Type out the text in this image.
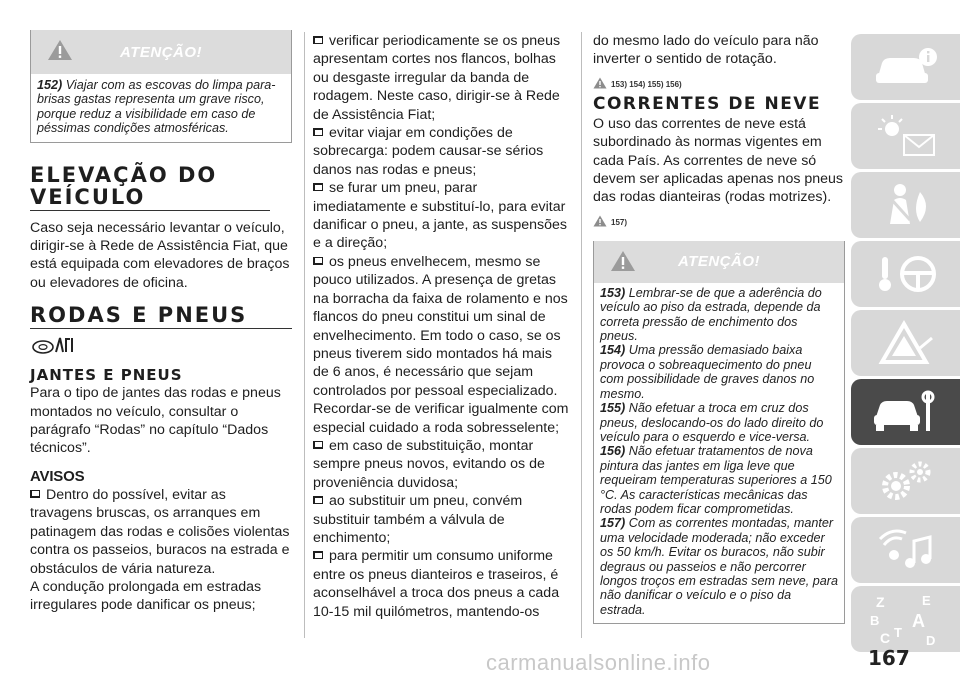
ATENÇÃO!
152) Viajar com as escovas do limpa para-brisas gastas representa um grave risco, porque reduz a visibilidade em caso de péssimas condições atmosféricas.
ELEVAÇÃO DO VEÍCULO

Caso seja necessário levantar o veículo, dirigir-se à Rede de Assistência Fiat, que está equipada com elevadores de braços ou elevadores de oficina.

RODAS E PNEUS
JANTES E PNEUS

Para o tipo de jantes das rodas e pneus montados no veículo, consultar o parágrafo “Rodas” no capítulo “Dados técnicos”.

AVISOS

Dentro do possível, evitar as travagens bruscas, os arranques em patinagem das rodas e colisões violentas contra os passeios, buracos na estrada e obstáculos de vária natureza.

A condução prolongada em estradas irregulares pode danificar os pneus;

verificar periodicamente se os pneus apresentam cortes nos flancos, bolhas ou desgaste irregular da banda de rodagem. Neste caso, dirigir-se à Rede de Assistência Fiat;

evitar viajar em condições de sobrecarga: podem causar-se sérios danos nas rodas e pneus;

se furar um pneu, parar imediatamente e substituí-lo, para evitar danificar o pneu, a jante, as suspensões e a direção;

os pneus envelhecem, mesmo se pouco utilizados. A presença de gretas na borracha da faixa de rolamento e nos flancos do pneu constitui um sinal de envelhecimento. Em todo o caso, se os pneus tiverem sido montados há mais de 6 anos, é necessário que sejam controlados por pessoal especializado.

Recordar-se de verificar igualmente com especial cuidado a roda sobresselente;

em caso de substituição, montar sempre pneus novos, evitando os de proveniência duvidosa;

ao substituir um pneu, convém substituir também a válvula de enchimento;

para permitir um consumo uniforme entre os pneus dianteiros e traseiros, é aconselhável a troca dos pneus a cada 10-15 mil quilómetros, mantendo-os

do mesmo lado do veículo para não inverter o sentido de rotação.

153) 154) 155) 156)
CORRENTES DE NEVE

O uso das correntes de neve está subordinado às normas vigentes em cada País. As correntes de neve só devem ser aplicadas apenas nos pneus das rodas dianteiras (rodas motrizes).

157)
ATENÇÃO!

153) Lembrar-se de que a aderência do veículo ao piso da estrada, depende da correta pressão de enchimento dos pneus.

154) Uma pressão demasiado baixa provoca o sobreaquecimento do pneu com possibilidade de graves danos no mesmo.

155) Não efetuar a troca em cruz dos pneus, deslocando-os do lado direito do veículo para o esquerdo e vice-versa.

156) Não efetuar tratamentos de nova pintura das jantes em liga leve que requeiram temperaturas superiores a 150 °C. As características mecânicas das rodas podem ficar comprometidas.

157) Com as correntes montadas, manter uma velocidade moderada; não exceder os 50 km/h. Evitar os buracos, não subir degraus ou passeios e não percorrer longos troços em estradas sem neve, para não danificar o veículo e o piso da estrada.	Z	E
B A
C T
D
carmanualsonline.info	167
